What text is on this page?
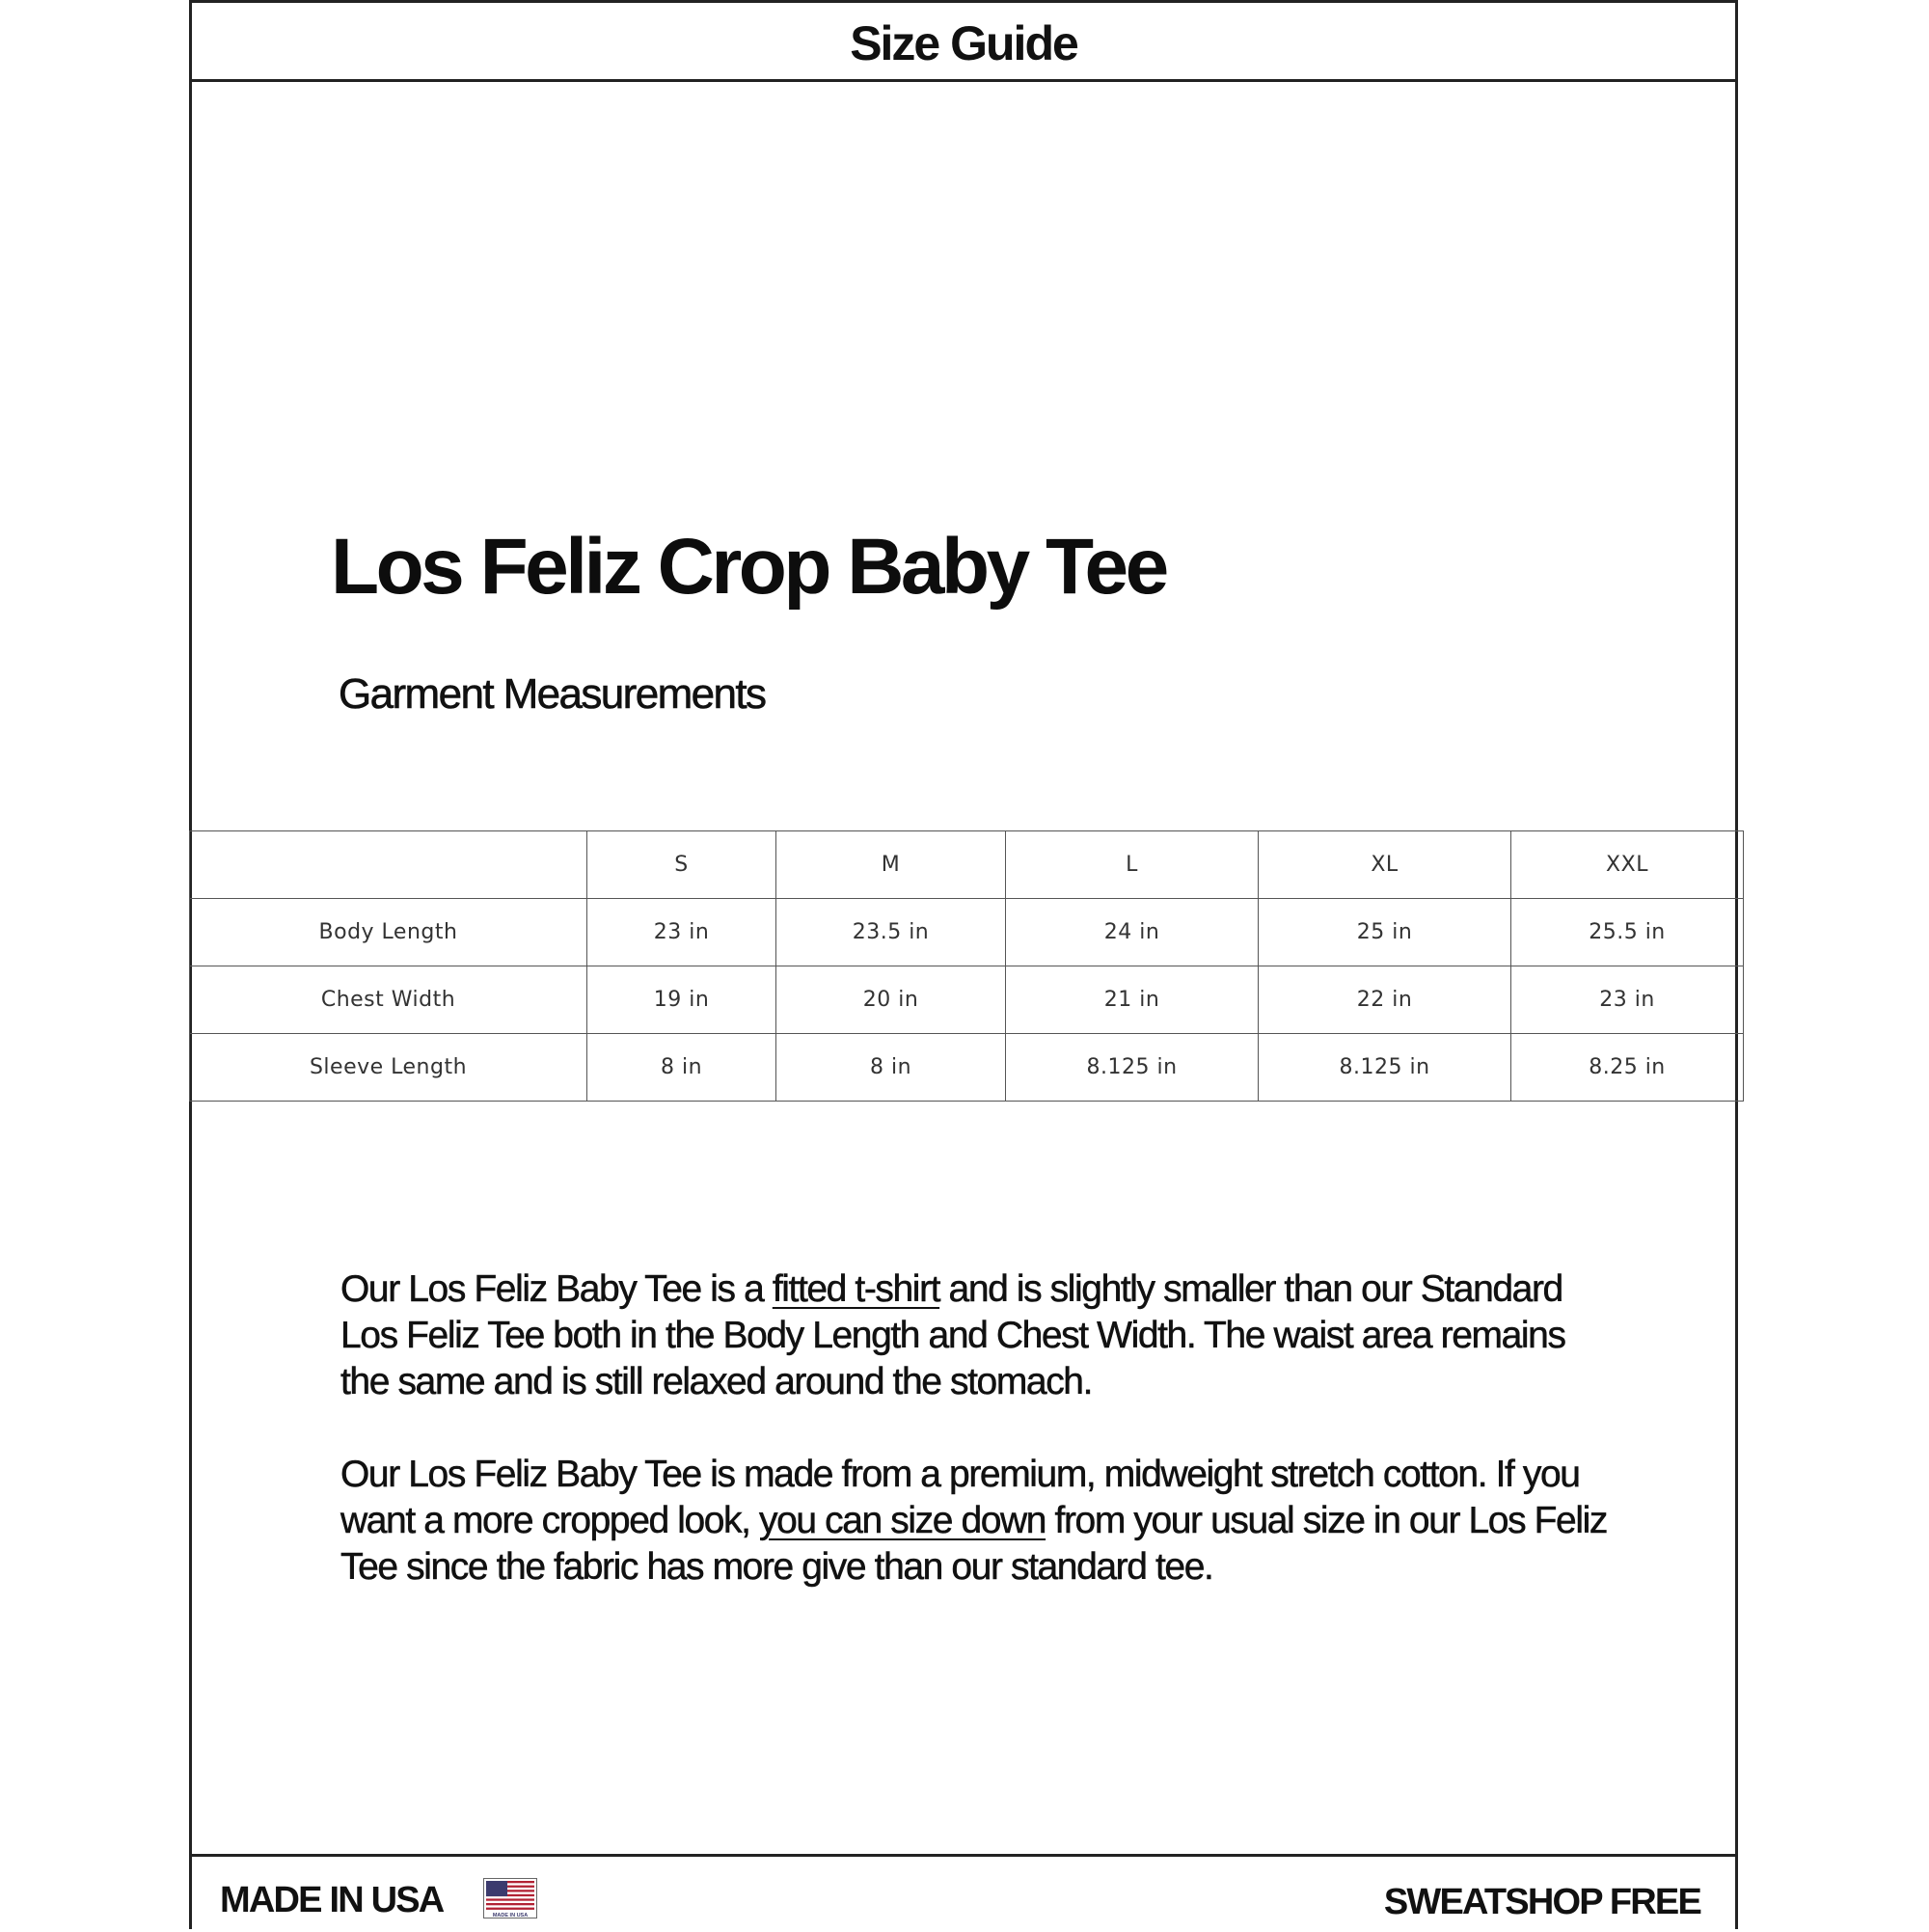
Size Guide
Los Feliz Crop Baby Tee
Garment Measurements
	S	M	L	XL	XXL
Body Length	23 in	23.5 in	24 in	25 in	25.5 in
Chest Width	19 in	20 in	21 in	22 in	23 in
Sleeve Length	8 in	8 in	8.125 in	8.125 in	8.25 in

Our Los Feliz Baby Tee is a fitted t-shirt and is slightly smaller than our Standard Los Feliz Tee both in the Body Length and Chest Width. The waist area remains the same and is still relaxed around the stomach.

Our Los Feliz Baby Tee is made from a premium, midweight stretch cotton. If you want a more cropped look, you can size down from your usual size in our Los Feliz Tee since the fabric has more give than our standard tee.

MADE IN USA	MADE IN USA	SWEATSHOP FREE
